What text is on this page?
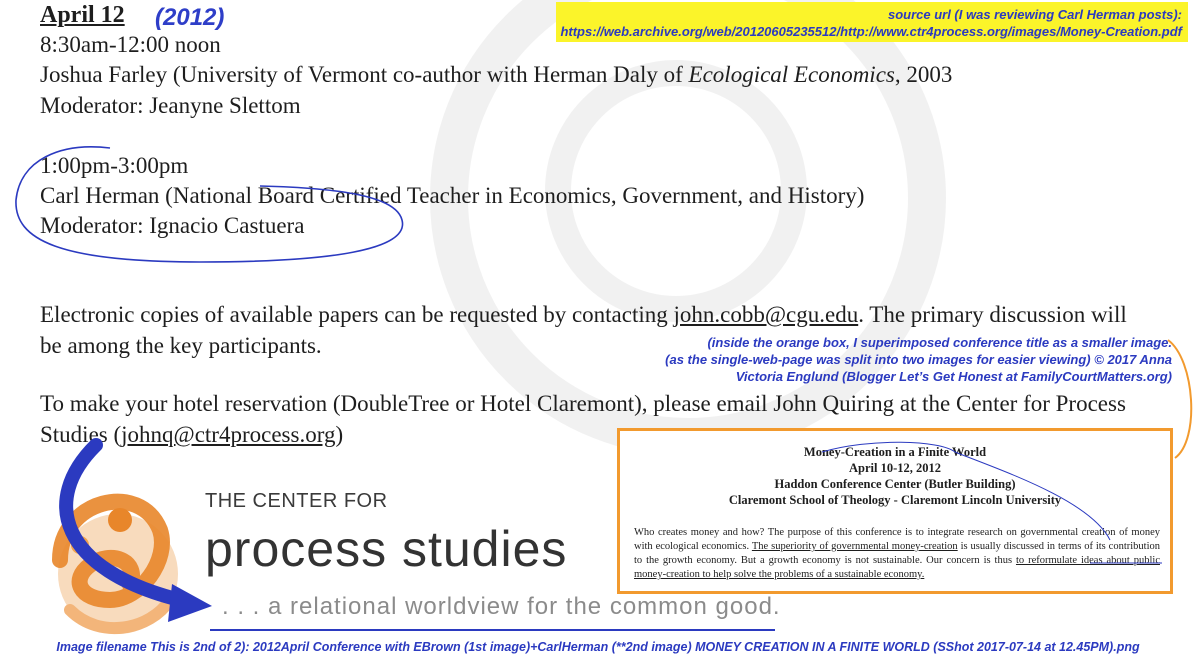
April 12 (2012)	source url (I was reviewing Carl Herman posts):
https://web.archive.org/web/20120605235512/http://www.ctr4process.org/images/Money-Creation.pdf
8:30am-12:00 noon
Joshua Farley (University of Vermont co-author with Herman Daly of Ecological Economics, 2003
Moderator: Jeanyne Slettom
1:00pm-3:00pm
Carl Herman (National Board Certified Teacher in Economics, Government, and History)
Moderator: Ignacio Castuera
Electronic copies of available papers can be requested by contacting john.cobb@cgu.edu. The primary discussion will
be among the key participants.	(inside the orange box, I superimposed conference title as a smaller image.
(as the single-web-page was split into two images for easier viewing) © 2017 Anna
Victoria Englund (Blogger Let’s Get Honest at FamilyCourtMatters.org)
To make your hotel reservation (DoubleTree or Hotel Claremont), please email John Quiring at the Center for Process
Studies (johnq@ctr4process.org)
Money-Creation in a Finite World
April 10-12, 2012
Haddon Conference Center (Butler Building)
Claremont School of Theology - Claremont Lincoln University
Who creates money and how? The purpose of this conference is to integrate research on governmental creation of money with ecological economics. The superiority of governmental money-creation is usually discussed in terms of its contribution to the growth economy. But a growth economy is not sustainable. Our concern is thus to reformulate ideas about public money-creation to help solve the problems of a sustainable economy.
THE CENTER FOR
process studies
. . . a relational worldview for the common good.
Image filename This is 2nd of 2): 2012April Conference with EBrown (1st image)+CarlHerman (**2nd image) MONEY CREATION IN A FINITE WORLD (SShot 2017-07-14 at 12.45PM).png
